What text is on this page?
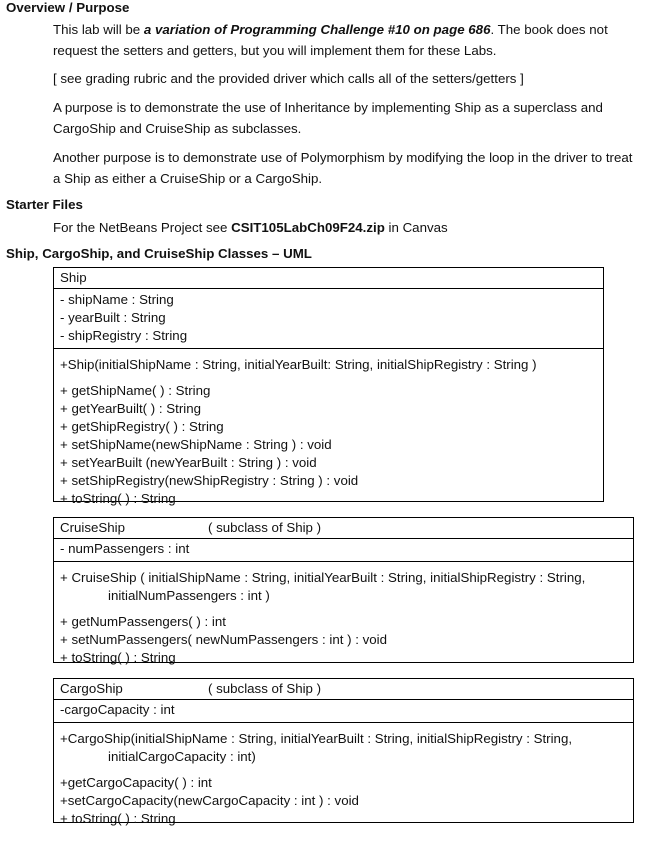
Overview / Purpose
This lab will be a variation of Programming Challenge #10 on page 686. The book does not request the setters and getters, but you will implement them for these Labs.
[ see grading rubric and the provided driver which calls all of the setters/getters ]
A purpose is to demonstrate the use of Inheritance by implementing Ship as a superclass and CargoShip and CruiseShip as subclasses.
Another purpose is to demonstrate use of Polymorphism by modifying the loop in the driver to treat a Ship as either a CruiseShip or a CargoShip.
Starter Files
For the NetBeans Project see CSIT105LabCh09F24.zip in Canvas
Ship, CargoShip, and CruiseShip Classes – UML
Ship
- shipName : String
- yearBuilt : String
- shipRegistry : String
+Ship(initialShipName : String, initialYearBuilt: String, initialShipRegistry : String )
+ getShipName( ) : String
+ getYearBuilt( ) : String
+ getShipRegistry( ) : String
+ setShipName(newShipName : String ) : void
+ setYearBuilt (newYearBuilt : String ) : void
+ setShipRegistry(newShipRegistry : String ) : void
+ toString( ) : String
CruiseShip	( subclass of Ship )
- numPassengers : int
+ CruiseShip ( initialShipName : String, initialYearBuilt : String, initialShipRegistry : String,
initialNumPassengers : int )
+ getNumPassengers( ) : int
+ setNumPassengers( newNumPassengers : int ) : void
+ toString( ) : String
CargoShip	( subclass of Ship )
-cargoCapacity : int
+CargoShip(initialShipName : String, initialYearBuilt : String, initialShipRegistry : String,
initialCargoCapacity : int)
+getCargoCapacity( ) : int
+setCargoCapacity(newCargoCapacity : int ) : void
+ toString( ) : String
